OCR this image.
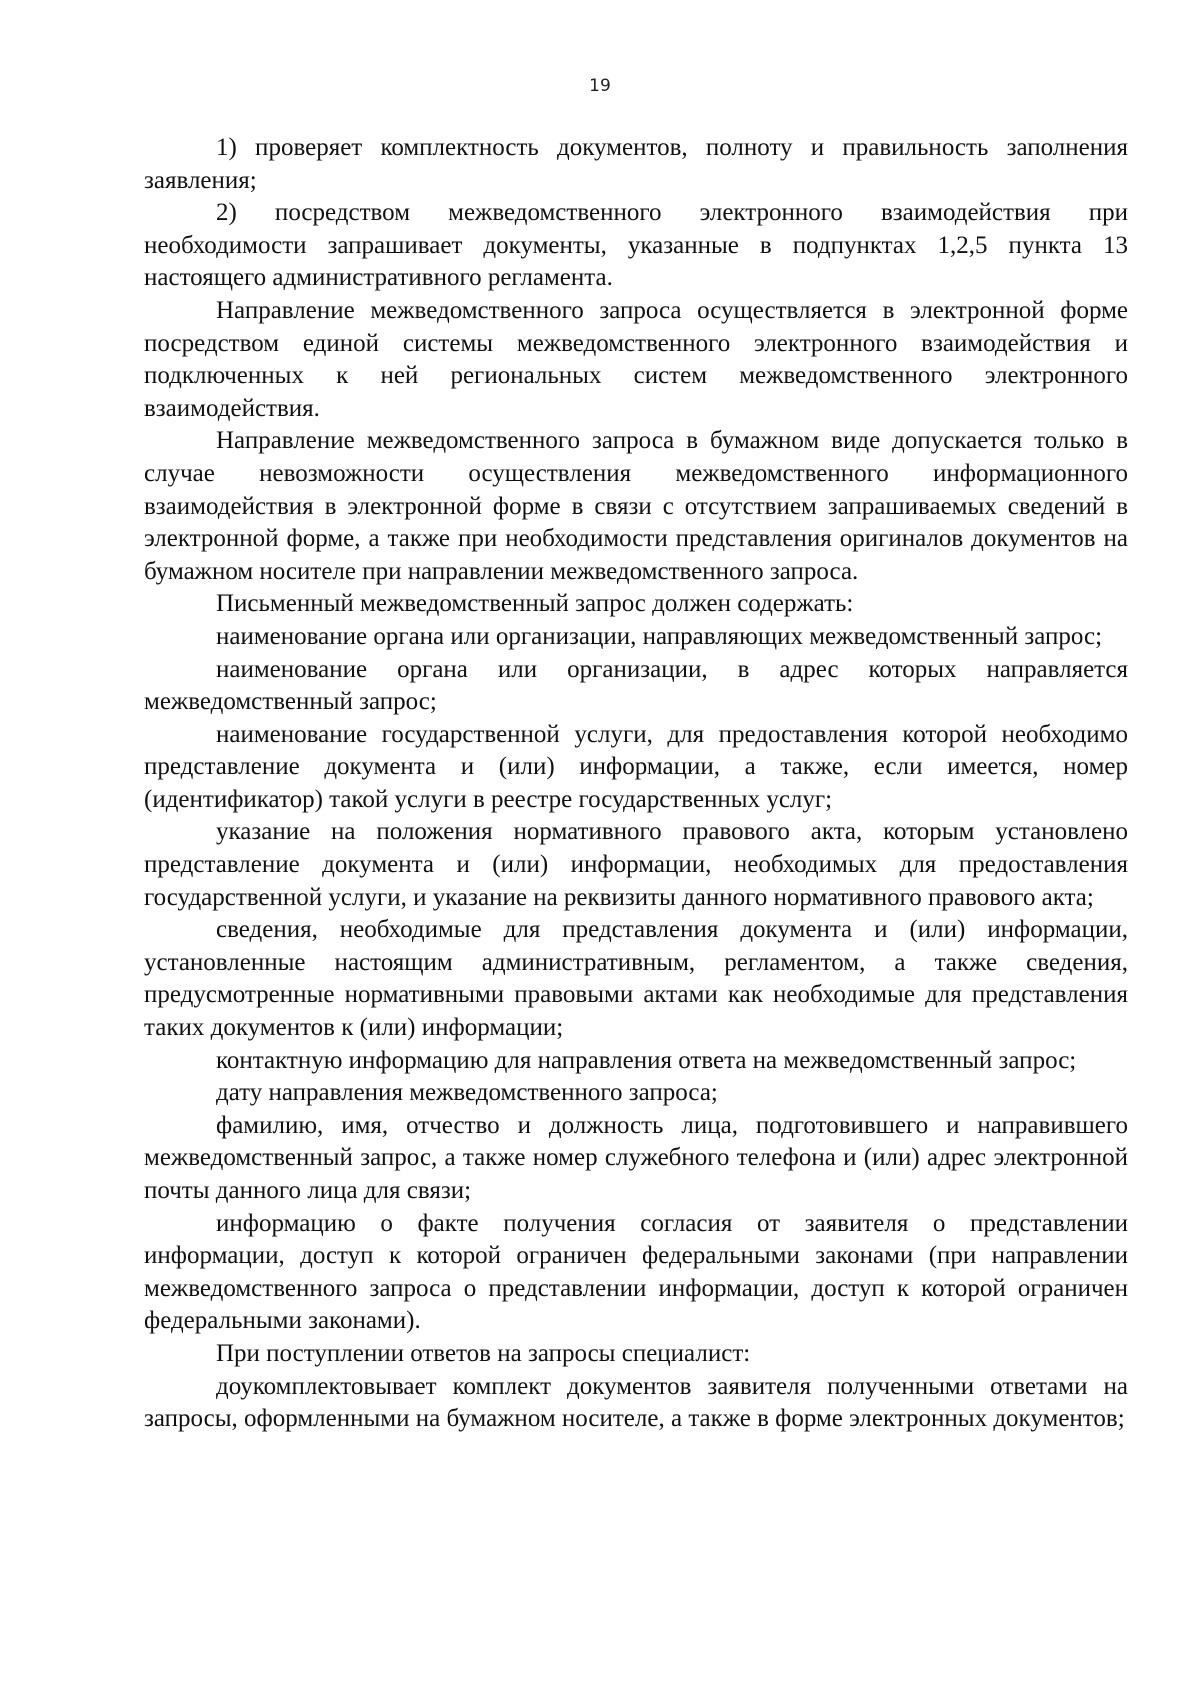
19

1) проверяет комплектность документов, полноту и правильность заполнения заявления;

2) посредством межведомственного электронного взаимодействия при необходимости запрашивает документы, указанные в подпунктах 1,2,5 пункта 13 настоящего административного регламента.

Направление межведомственного запроса осуществляется в электронной форме посредством единой системы межведомственного электронного взаимодействия и подключенных к ней региональных систем межведомственного электронного взаимодействия.

Направление межведомственного запроса в бумажном виде допускается только в случае невозможности осуществления межведомственного информационного взаимодействия в электронной форме в связи с отсутствием запрашиваемых сведений в электронной форме, а также при необходимости представления оригиналов документов на бумажном носителе при направлении межведомственного запроса.

Письменный межведомственный запрос должен содержать:

наименование органа или организации, направляющих межведомственный запрос;

наименование органа или организации, в адрес которых направляется межведомственный запрос;

наименование государственной услуги, для предоставления которой необходимо представление документа и (или) информации, а также, если имеется, номер (идентификатор) такой услуги в реестре государственных услуг;

указание на положения нормативного правового акта, которым установлено представление документа и (или) информации, необходимых для предоставления государственной услуги, и указание на реквизиты данного нормативного правового акта;

сведения, необходимые для представления документа и (или) информации, установленные настоящим административным, регламентом, а также сведения, предусмотренные нормативными правовыми актами как необходимые для представления таких документов к (или) информации;

контактную информацию для направления ответа на межведомственный запрос;

дату направления межведомственного запроса;

фамилию, имя, отчество и должность лица, подготовившего и направившего межведомственный запрос, а также номер служебного телефона и (или) адрес электронной почты данного лица для связи;

информацию о факте получения согласия от заявителя о представлении информации, доступ к которой ограничен федеральными законами (при направлении межведомственного запроса о представлении информации, доступ к которой ограничен федеральными законами).

При поступлении ответов на запросы специалист:

доукомплектовывает комплект документов заявителя полученными ответами на запросы, оформленными на бумажном носителе, а также в форме электронных документов;
